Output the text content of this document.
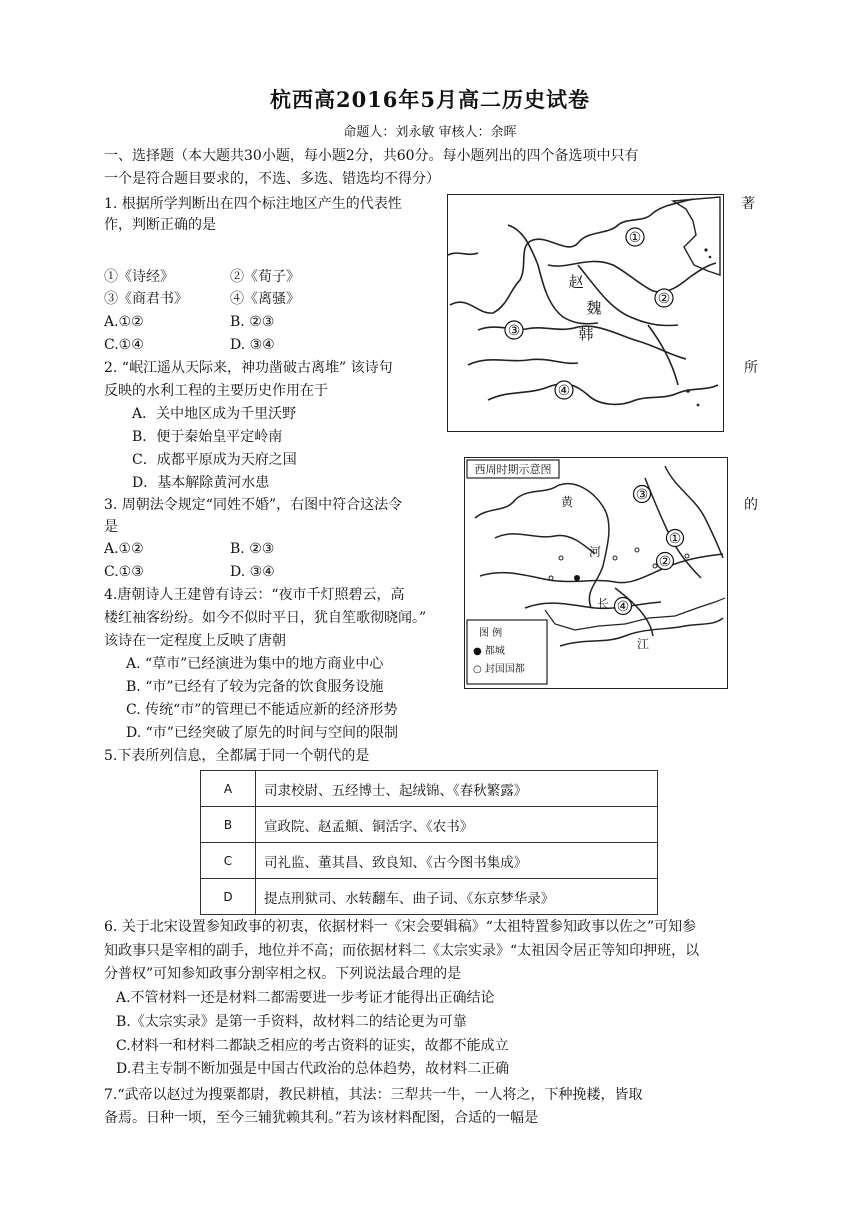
杭西高2016年5月高二历史试卷
命题人：刘永敏 审核人：余晖
一、选择题（本大题共30小题，每小题2分，共60分。每小题列出的四个备选项中只有
一个是符合题目要求的，不选、多选、错选均不得分）
1. 根据所学判断出在四个标注地区产生的代表性	著
作，判断正确的是
①《诗经》	②《荀子》
③《商君书》	④《离骚》
A.①②	B. ②③
C.①④	D. ③④
①
②
③
④
赵
魏
韩
2. “岷江遥从天际来，神功凿破古离堆” 该诗句	所
反映的水利工程的主要历史作用在于
A．关中地区成为千里沃野
B．便于秦始皇平定岭南
C．成都平原成为天府之国
D．基本解除黄河水患
西周时期示意图
③
①
②
④
黄
河
长
江
图 例
● 都城
○ 封国国都
3. 周朝法令规定“同姓不婚”，右图中符合这法令	的
是
A.①②	B. ②③
C.①③	D. ③④
4.唐朝诗人王建曾有诗云：“夜市千灯照碧云，高
楼红袖客纷纷。如今不似时平日，犹自笙歌彻晓闻。”
该诗在一定程度上反映了唐朝
A. “草市”已经演进为集中的地方商业中心
B. “市”已经有了较为完备的饮食服务设施
C. 传统“市”的管理已不能适应新的经济形势
D. “市”已经突破了原先的时间与空间的限制
5.下表所列信息，全都属于同一个朝代的是
A	司隶校尉、五经博士、起绒锦、《春秋繁露》
B	宣政院、赵孟頫、铜活字、《农书》
C	司礼监、董其昌、致良知、《古今图书集成》
D	提点刑狱司、水转翻车、曲子词、《东京梦华录》
6. 关于北宋设置参知政事的初衷，依据材料一《宋会要辑稿》“太祖特置参知政事以佐之”可知参
知政事只是宰相的副手，地位并不高；而依据材料二《太宗实录》“太祖因令居正等知印押班，以
分普权”可知参知政事分割宰相之权。下列说法最合理的是
A.不管材料一还是材料二都需要进一步考证才能得出正确结论
B.《太宗实录》是第一手资料，故材料二的结论更为可靠
C.材料一和材料二都缺乏相应的考古资料的证实，故都不能成立
D.君主专制不断加强是中国古代政治的总体趋势，故材料二正确
7.“武帝以赵过为搜粟都尉，教民耕植，其法：三犁共一牛，一人将之，下种挽耧，皆取
备焉。日种一顷，至今三辅犹赖其利。”若为该材料配图，合适的一幅是
